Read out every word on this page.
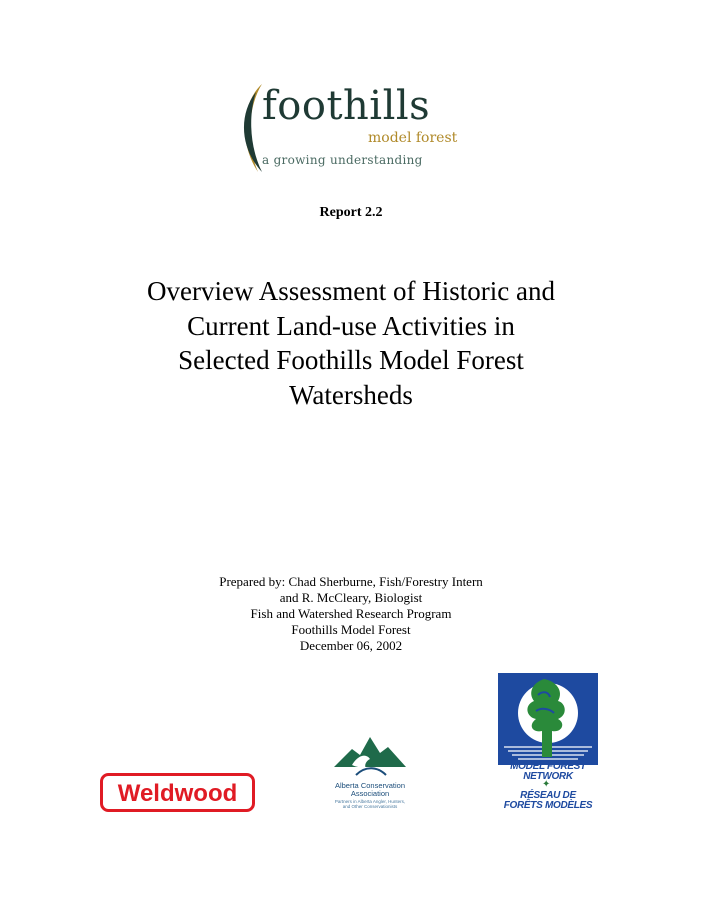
foothills
model forest
a growing understanding
Report 2.2
Overview Assessment of Historic and
Current Land-use Activities in
Selected Foothills Model Forest
Watersheds
Prepared by: Chad Sherburne, Fish/Forestry Intern
and R. McCleary, Biologist
Fish and Watershed Research Program
Foothills Model Forest
December 06, 2002
Weldwood	Alberta Conservation
Association
Partners in Alberta Angler, Hunters,
and Other Conservationists
MODEL FOREST
NETWORK
✦
RÉSEAU DE
FORÊTS MODÈLES
